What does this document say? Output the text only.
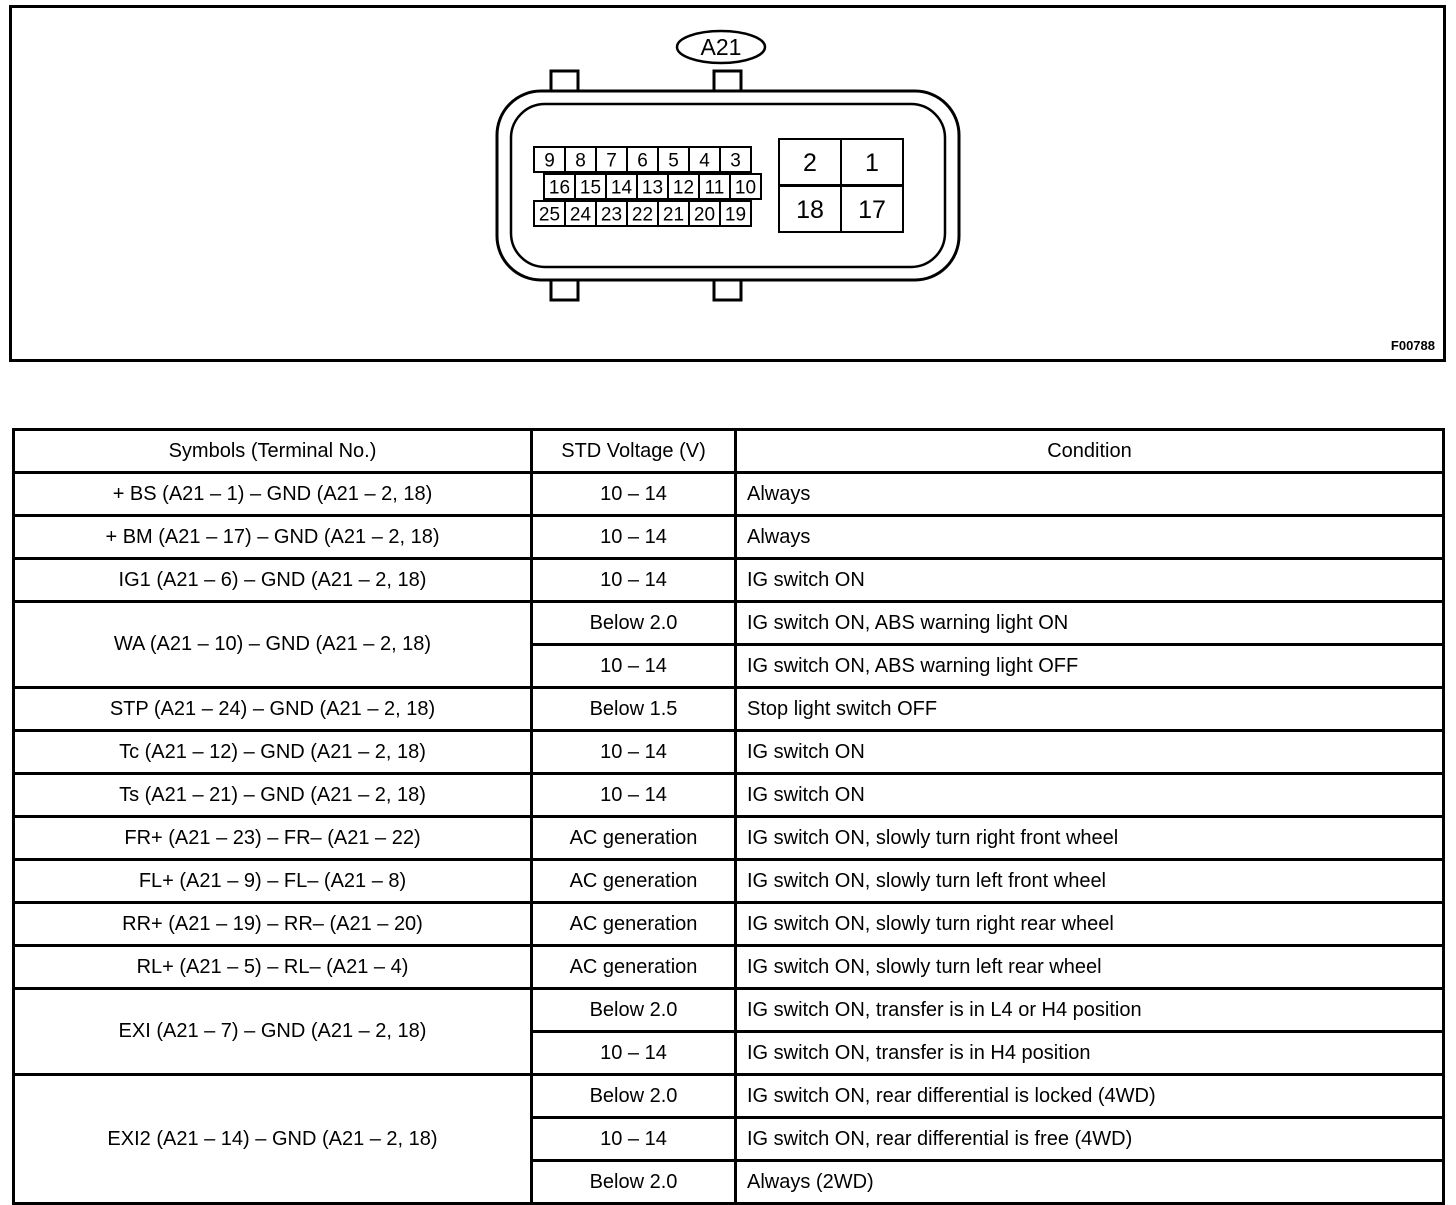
A21
9 8 7 6 5 4 3
16 15 14 13 12 11 10
25 24 23 22 21 20 19
2 1
18 17
F00788
Symbols (Terminal No.)	STD Voltage (V)	Condition
+ BS (A21 – 1) – GND (A21 – 2, 18)	10 – 14	Always
+ BM (A21 – 17) – GND (A21 – 2, 18)	10 – 14	Always
IG1 (A21 – 6) – GND (A21 – 2, 18)	10 – 14	IG switch ON
WA (A21 – 10) – GND (A21 – 2, 18)	Below 2.0	IG switch ON, ABS warning light ON
	10 – 14	IG switch ON, ABS warning light OFF
STP (A21 – 24) – GND (A21 – 2, 18)	Below 1.5	Stop light switch OFF
Tc (A21 – 12) – GND (A21 – 2, 18)	10 – 14	IG switch ON
Ts (A21 – 21) – GND (A21 – 2, 18)	10 – 14	IG switch ON
FR+ (A21 – 23) – FR– (A21 – 22)	AC generation	IG switch ON, slowly turn right front wheel
FL+ (A21 – 9) – FL– (A21 – 8)	AC generation	IG switch ON, slowly turn left front wheel
RR+ (A21 – 19) – RR– (A21 – 20)	AC generation	IG switch ON, slowly turn right rear wheel
RL+ (A21 – 5) – RL– (A21 – 4)	AC generation	IG switch ON, slowly turn left rear wheel
EXI (A21 – 7) – GND (A21 – 2, 18)	Below 2.0	IG switch ON, transfer is in L4 or H4 position
	10 – 14	IG switch ON, transfer is in H4 position
EXI2 (A21 – 14) – GND (A21 – 2, 18)	Below 2.0	IG switch ON, rear differential is locked (4WD)
	10 – 14	IG switch ON, rear differential is free (4WD)
	Below 2.0	Always (2WD)
